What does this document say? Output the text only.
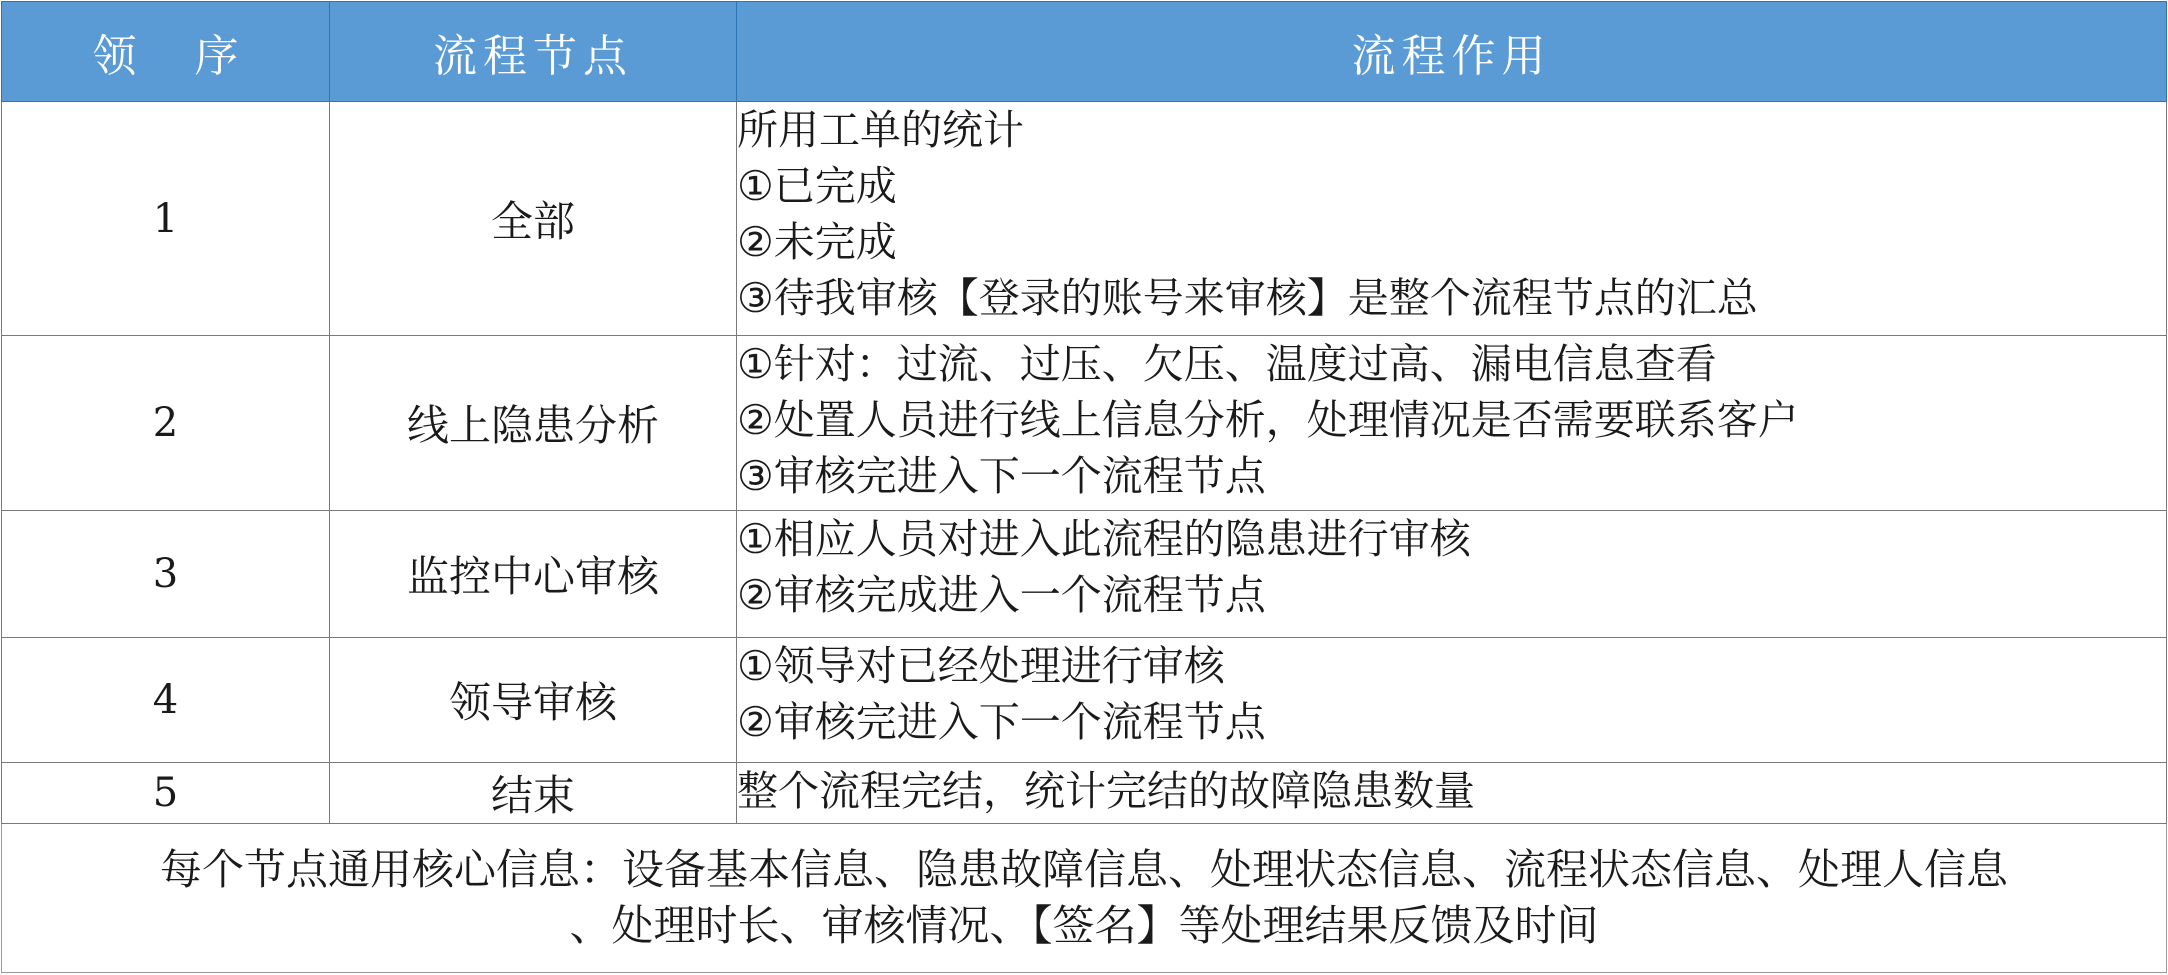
领 序	流程节点	流程作用
1	全部	所用工单的统计
①已完成
②未完成
③待我审核【登录的账号来审核】是整个流程节点的汇总

2	线上隐患分析	①针对：过流、过压、欠压、温度过高、漏电信息查看
②处置人员进行线上信息分析，处理情况是否需要联系客户
③审核完进入下一个流程节点

3	监控中心审核	①相应人员对进入此流程的隐患进行审核
②审核完成进入一个流程节点

4	领导审核	①领导对已经处理进行审核
②审核完进入下一个流程节点

5	结束	整个流程完结，统计完结的故障隐患数量

每个节点通用核心信息：设备基本信息、隐患故障信息、处理状态信息、流程状态信息、处理人信息
、处理时长、审核情况、【签名】等处理结果反馈及时间		
